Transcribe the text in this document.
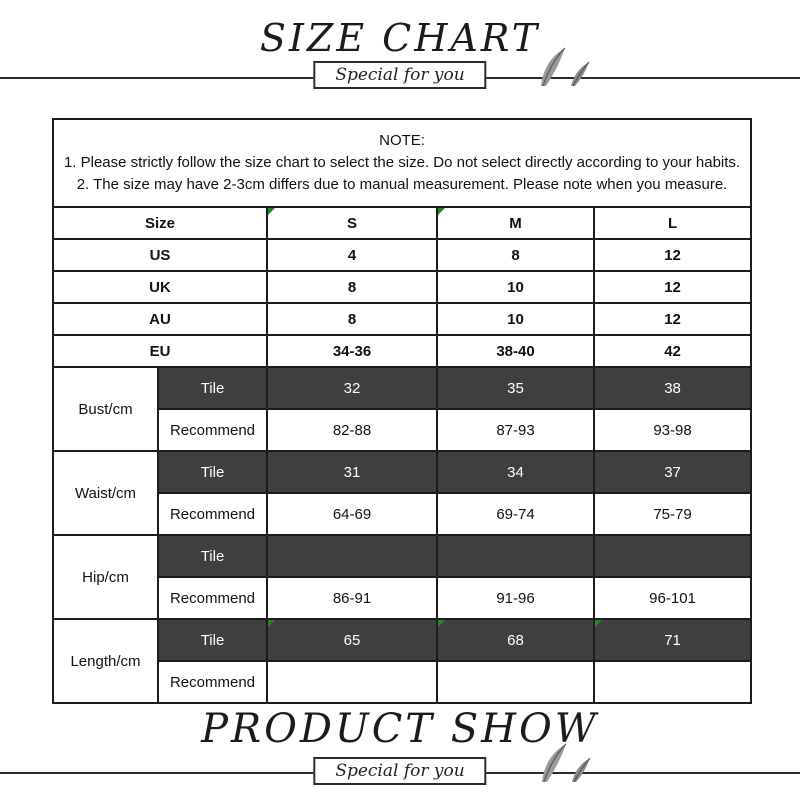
SIZE CHART
Special for you
NOTE:
1. Please strictly follow the size chart to select the size. Do not select directly according to your habits.
2. The size may have 2-3cm differs due to manual measurement. Please note when you measure.				

Size		S	M	L
US		4	8	12
UK		8	10	12
AU		8	10	12
EU		34-36	38-40	42
Bust/cm	Tile	32	35	38
	Recommend	82-88	87-93	93-98
Waist/cm	Tile	31	34	37
	Recommend	64-69	69-74	75-79
Hip/cm	Tile			
	Recommend	86-91	91-96	96-101
Length/cm	Tile	65	68	71
	Recommend			
PRODUCT SHOW
Special for you
